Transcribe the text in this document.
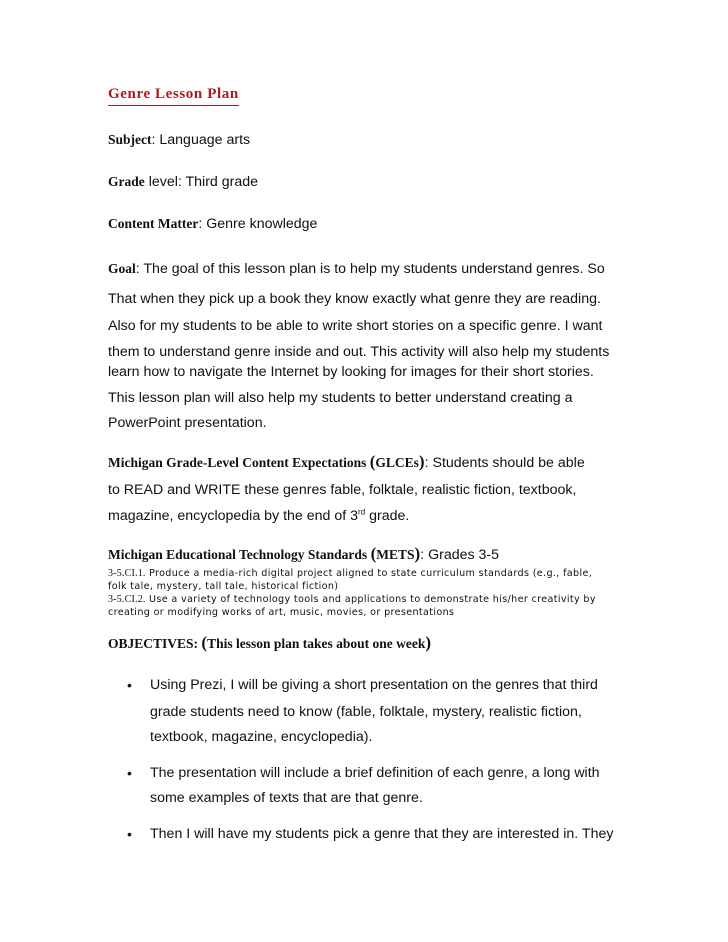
Genre Lesson Plan
Subject: Language arts
Grade level: Third grade
Content Matter: Genre knowledge
Goal: The goal of this lesson plan is to help my students understand genres. So
That when they pick up a book they know exactly what genre they are reading.
Also for my students to be able to write short stories on a specific genre. I want
them to understand genre inside and out. This activity will also help my students
learn how to navigate the Internet by looking for images for their short stories.
This lesson plan will also help my students to better understand creating a
PowerPoint presentation.
Michigan Grade-Level Content Expectations (GLCEs): Students should be able
to READ and WRITE these genres fable, folktale, realistic fiction, textbook,
magazine, encyclopedia by the end of 3rd grade.
Michigan Educational Technology Standards (METS): Grades 3-5
3-5.CI.1. Produce a media-rich digital project aligned to state curriculum standards (e.g., fable,
folk tale, mystery, tall tale, historical fiction)
3-5.CI.2. Use a variety of technology tools and applications to demonstrate his/her creativity by
creating or modifying works of art, music, movies, or presentations
OBJECTIVES: (This lesson plan takes about one week)
• Using Prezi, I will be giving a short presentation on the genres that third
grade students need to know (fable, folktale, mystery, realistic fiction,
textbook, magazine, encyclopedia).
• The presentation will include a brief definition of each genre, a long with
some examples of texts that are that genre.
• Then I will have my students pick a genre that they are interested in. They
